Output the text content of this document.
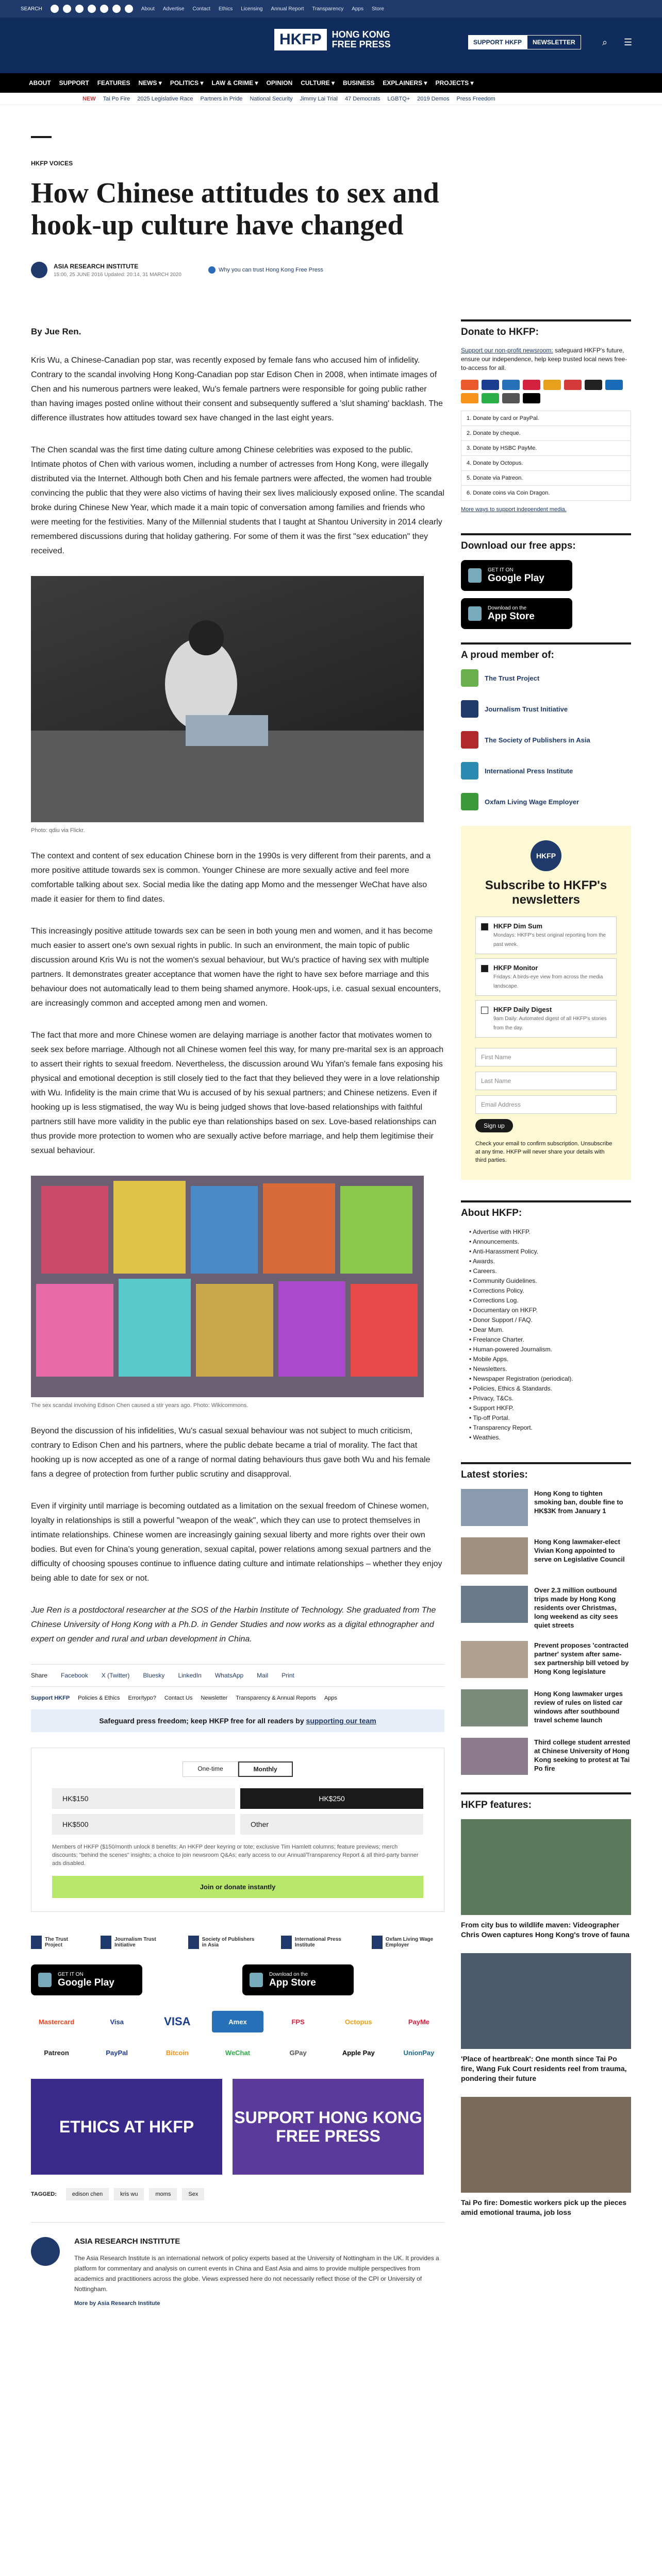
SEARCH	About Advertise Contact Ethics Licensing Annual Report Transparency Apps Store
HKFP	HONG KONG
FREE PRESS	SUPPORT HKFP	NEWSLETTER	⌕ ☰
ABOUT SUPPORT FEATURES NEWS ▾ POLITICS ▾ LAW & CRIME ▾ OPINION CULTURE ▾ BUSINESS EXPLAINERS ▾ PROJECTS ▾
NEW Tai Po Fire 2025 Legislative Race Partners in Pride National Security Jimmy Lai Trial 47 Democrats LGBTQ+ 2019 Demos Press Freedom
HKFP VOICES
How Chinese attitudes to sex and hook-up culture have changed
ASIA RESEARCH INSTITUTE
15:00, 25 JUNE 2016 Updated: 20:14, 31 MARCH 2020
Why you can trust Hong Kong Free Press
By Jue Ren.

Kris Wu, a Chinese-Canadian pop star, was recently exposed by female fans who accused him of infidelity. Contrary to the scandal involving Hong Kong-Canadian pop star Edison Chen in 2008, when intimate images of Chen and his numerous partners were leaked, Wu's female partners were responsible for going public rather than having images posted online without their consent and subsequently suffered a 'slut shaming' backlash. The difference illustrates how attitudes toward sex have changed in the last eight years.

The Chen scandal was the first time dating culture among Chinese celebrities was exposed to the public. Intimate photos of Chen with various women, including a number of actresses from Hong Kong, were illegally distributed via the Internet. Although both Chen and his female partners were affected, the women had trouble convincing the public that they were also victims of having their sex lives maliciously exposed online. The scandal broke during Chinese New Year, which made it a main topic of conversation among families and friends who were meeting for the festivities. Many of the Millennial students that I taught at Shantou University in 2014 clearly remembered discussions during that holiday gathering. For some of them it was the first "sex education" they received.

Photo: qdiu via Flickr.

The context and content of sex education Chinese born in the 1990s is very different from their parents, and a more positive attitude towards sex is common. Younger Chinese are more sexually active and feel more comfortable talking about sex. Social media like the dating app Momo and the messenger WeChat have also made it easier for them to find dates.

This increasingly positive attitude towards sex can be seen in both young men and women, and it has become much easier to assert one's own sexual rights in public. In such an environment, the main topic of public discussion around Kris Wu is not the women's sexual behaviour, but Wu's practice of having sex with multiple partners. It demonstrates greater acceptance that women have the right to have sex before marriage and this behaviour does not automatically lead to them being shamed anymore. Hook-ups, i.e. casual sexual encounters, are increasingly common and accepted among men and women.

The fact that more and more Chinese women are delaying marriage is another factor that motivates women to seek sex before marriage. Although not all Chinese women feel this way, for many pre-marital sex is an approach to assert their rights to sexual freedom. Nevertheless, the discussion around Wu Yifan's female fans exposing his physical and emotional deception is still closely tied to the fact that they believed they were in a love relationship with Wu. Infidelity is the main crime that Wu is accused of by his sexual partners; and Chinese netizens. Even if hooking up is less stigmatised, the way Wu is being judged shows that love-based relationships with faithful partners still have more validity in the public eye than relationships based on sex. Love-based relationships can thus provide more protection to women who are sexually active before marriage, and help them legitimise their sexual behaviour.

The sex scandal involving Edison Chen caused a stir years ago. Photo: Wikicommons.

Beyond the discussion of his infidelities, Wu's casual sexual behaviour was not subject to much criticism, contrary to Edison Chen and his partners, where the public debate became a trial of morality. The fact that hooking up is now accepted as one of a range of normal dating behaviours thus gave both Wu and his female fans a degree of protection from further public scrutiny and disapproval.

Even if virginity until marriage is becoming outdated as a limitation on the sexual freedom of Chinese women, loyalty in relationships is still a powerful "weapon of the weak", which they can use to protect themselves in intimate relationships. Chinese women are increasingly gaining sexual liberty and more rights over their own bodies. But even for China's young generation, sexual capital, power relations among sexual partners and the difficulty of choosing spouses continue to influence dating culture and intimate relationships – whether they enjoy being able to date for sex or not.

Jue Ren is a postdoctoral researcher at the SOS of the Harbin Institute of Technology. She graduated from The Chinese University of Hong Kong with a Ph.D. in Gender Studies and now works as a digital ethnographer and expert on gender and rural and urban development in China.

Share Facebook X (Twitter) Bluesky LinkedIn WhatsApp Mail Print
Support HKFP Policies & Ethics Error/typo? Contact Us Newsletter Transparency & Annual Reports Apps
Safeguard press freedom; keep HKFP free for all readers by supporting our team
One-time	Monthly
HK$150	HK$250
HK$500	Other
Members of HKFP ($150/month unlock 8 benefits: An HKFP deer keyring or tote; exclusive Tim Hamlett columns; feature previews; merch discounts; "behind the scenes" insights; a choice to join newsroom Q&As; early access to our Annual/Transparency Report & all third-party banner ads disabled.
Join or donate instantly
The Trust Project
Journalism Trust Initiative
Society of Publishers in Asia
International Press Institute
Oxfam Living Wage Employer
GET IT ON
Google Play
Download on the
App Store
Mastercard	Visa	VISA	Amex	FPS	Octopus	PayMe
Patreon	PayPal	Bitcoin	WeChat	GPay	Apple Pay	UnionPay
ETHICS AT HKFP	SUPPORT HONG KONG FREE PRESS
TAGGED:	edison chen	kris wu	moms	Sex
ASIA RESEARCH INSTITUTE

The Asia Research Institute is an international network of policy experts based at the University of Nottingham in the UK. It provides a platform for commentary and analysis on current events in China and East Asia and aims to provide multiple perspectives from academics and practitioners across the globe. Views expressed here do not necessarily reflect those of the CPI or University of Nottingham.

More by Asia Research Institute
Donate to HKFP:

Support our non-profit newsroom: safeguard HKFP's future, ensure our independence, help keep trusted local news free-to-access for all.

1. Donate by card or PayPal.
2. Donate by cheque.
3. Donate by HSBC PayMe.
4. Donate by Octopus.
5. Donate via Patreon.
6. Donate coins via Coin Dragon.
More ways to support independent media.
Download our free apps:
GET IT ON
Google Play
Download on the
App Store
A proud member of:
The Trust Project
Journalism Trust Initiative
The Society of Publishers in Asia
International Press Institute
Oxfam Living Wage Employer
HKFP
Subscribe to HKFP's newsletters
HKFP Dim Sum
Mondays: HKFP's best original reporting from the past week.
HKFP Monitor
Fridays: A birds-eye view from across the media landscape.
HKFP Daily Digest
9am Daily: Automated digest of all HKFP's stories from the day.
First Name
Last Name
Email Address
Sign up
Check your email to confirm subscription. Unsubscribe at any time. HKFP will never share your details with third parties.
About HKFP:
• Advertise with HKFP.
• Announcements.
• Anti-Harassment Policy.
• Awards.
• Careers.
• Community Guidelines.
• Corrections Policy.
• Corrections Log.
• Documentary on HKFP.
• Donor Support / FAQ.
• Dear Mum.
• Freelance Charter.
• Human-powered Journalism.
• Mobile Apps.
• Newsletters.
• Newspaper Registration (periodical).
• Policies, Ethics & Standards.
• Privacy, T&Cs.
• Support HKFP.
• Tip-off Portal.
• Transparency Report.
• Weathies.
Latest stories:
Hong Kong to tighten smoking ban, double fine to HK$3K from January 1
Hong Kong lawmaker-elect Vivian Kong appointed to serve on Legislative Council
Over 2.3 million outbound trips made by Hong Kong residents over Christmas, long weekend as city sees quiet streets
Prevent proposes 'contracted partner' system after same-sex partnership bill vetoed by Hong Kong legislature
Hong Kong lawmaker urges review of rules on listed car windows after southbound travel scheme launch
Third college student arrested at Chinese University of Hong Kong seeking to protest at Tai Po fire
HKFP features:

From city bus to wildlife maven: Videographer Chris Owen captures Hong Kong's trove of fauna

'Place of heartbreak': One month since Tai Po fire, Wang Fuk Court residents reel from trauma, pondering their future

Tai Po fire: Domestic workers pick up the pieces amid emotional trauma, job loss
